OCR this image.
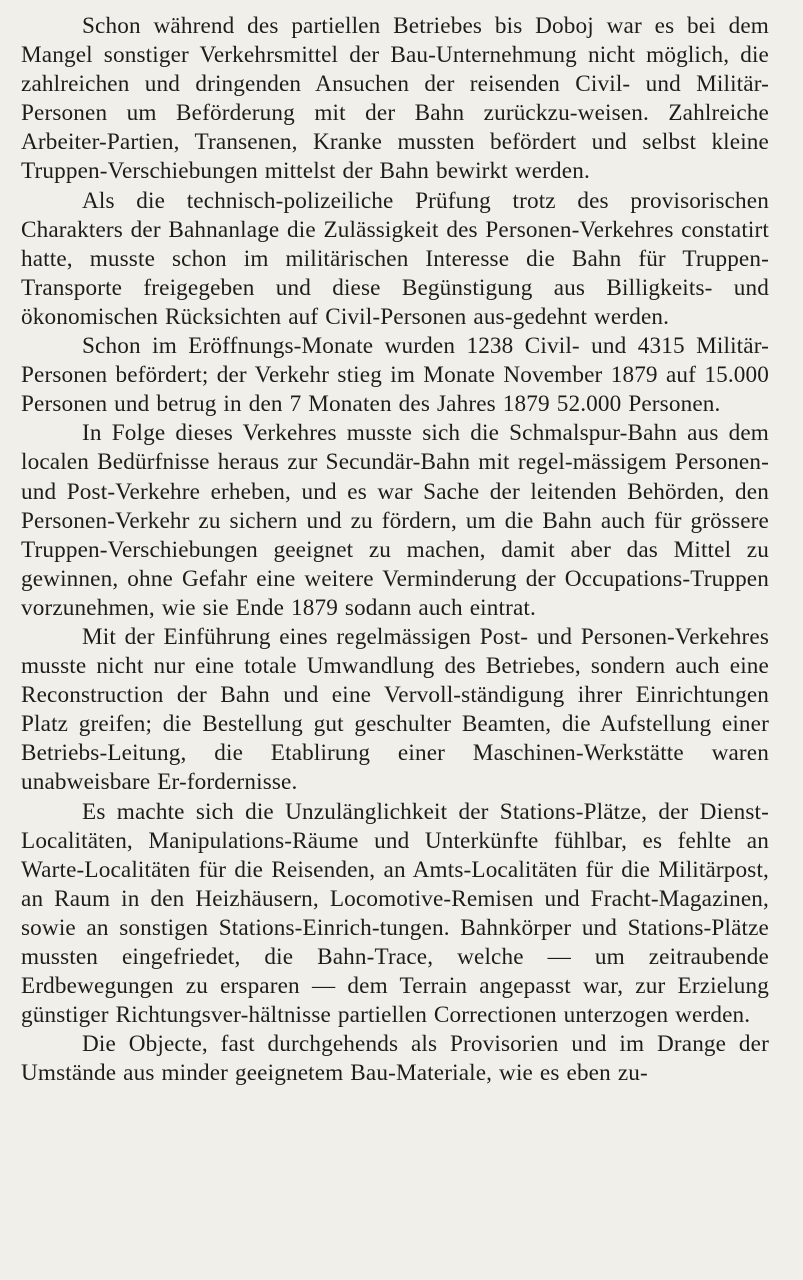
Schon während des partiellen Betriebes bis Doboj war es bei dem Mangel sonstiger Verkehrsmittel der Bau-Unternehmung nicht möglich, die zahlreichen und dringenden Ansuchen der reisenden Civil- und Militär-Personen um Beförderung mit der Bahn zurückzu-weisen. Zahlreiche Arbeiter-Partien, Transenen, Kranke mussten befördert und selbst kleine Truppen-Verschiebungen mittelst der Bahn bewirkt werden.

Als die technisch-polizeiliche Prüfung trotz des provisorischen Charakters der Bahnanlage die Zulässigkeit des Personen-Verkehres constatirt hatte, musste schon im militärischen Interesse die Bahn für Truppen-Transporte freigegeben und diese Begünstigung aus Billigkeits- und ökonomischen Rücksichten auf Civil-Personen aus-gedehnt werden.

Schon im Eröffnungs-Monate wurden 1238 Civil- und 4315 Militär-Personen befördert; der Verkehr stieg im Monate November 1879 auf 15.000 Personen und betrug in den 7 Monaten des Jahres 1879 52.000 Personen.

In Folge dieses Verkehres musste sich die Schmalspur-Bahn aus dem localen Bedürfnisse heraus zur Secundär-Bahn mit regel-mässigem Personen- und Post-Verkehre erheben, und es war Sache der leitenden Behörden, den Personen-Verkehr zu sichern und zu fördern, um die Bahn auch für grössere Truppen-Verschiebungen geeignet zu machen, damit aber das Mittel zu gewinnen, ohne Gefahr eine weitere Verminderung der Occupations-Truppen vorzunehmen, wie sie Ende 1879 sodann auch eintrat.

Mit der Einführung eines regelmässigen Post- und Personen-Verkehres musste nicht nur eine totale Umwandlung des Betriebes, sondern auch eine Reconstruction der Bahn und eine Vervoll-ständigung ihrer Einrichtungen Platz greifen; die Bestellung gut geschulter Beamten, die Aufstellung einer Betriebs-Leitung, die Etablirung einer Maschinen-Werkstätte waren unabweisbare Er-fordernisse.

Es machte sich die Unzulänglichkeit der Stations-Plätze, der Dienst-Localitäten, Manipulations-Räume und Unterkünfte fühlbar, es fehlte an Warte-Localitäten für die Reisenden, an Amts-Localitäten für die Militärpost, an Raum in den Heizhäusern, Locomotive-Remisen und Fracht-Magazinen, sowie an sonstigen Stations-Einrich-tungen. Bahnkörper und Stations-Plätze mussten eingefriedet, die Bahn-Trace, welche — um zeitraubende Erdbewegungen zu ersparen — dem Terrain angepasst war, zur Erzielung günstiger Richtungsver-hältnisse partiellen Correctionen unterzogen werden.

Die Objecte, fast durchgehends als Provisorien und im Drange der Umstände aus minder geeignetem Bau-Materiale, wie es eben zu-
